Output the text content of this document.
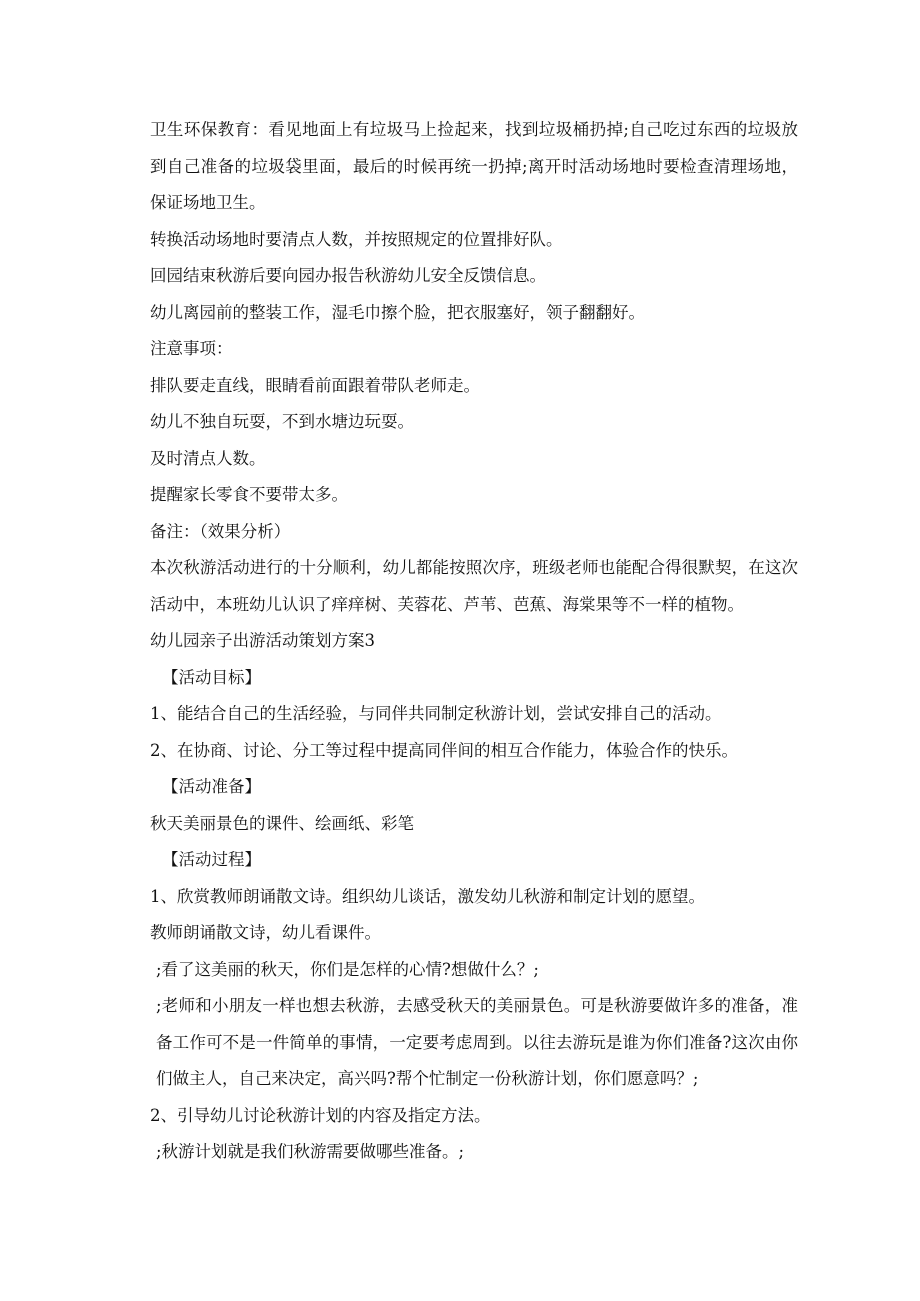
卫生环保教育：看见地面上有垃圾马上捡起来，找到垃圾桶扔掉;自己吃过东西的垃圾放到自己准备的垃圾袋里面，最后的时候再统一扔掉;离开时活动场地时要检查清理场地，保证场地卫生。

转换活动场地时要清点人数，并按照规定的位置排好队。

回园结束秋游后要向园办报告秋游幼儿安全反馈信息。

幼儿离园前的整装工作，湿毛巾擦个脸，把衣服塞好，领子翻翻好。

注意事项：

排队要走直线，眼睛看前面跟着带队老师走。

幼儿不独自玩耍，不到水塘边玩耍。

及时清点人数。

提醒家长零食不要带太多。

备注：（效果分析）

本次秋游活动进行的十分顺利，幼儿都能按照次序，班级老师也能配合得很默契，在这次活动中，本班幼儿认识了痒痒树、芙蓉花、芦苇、芭蕉、海棠果等不一样的植物。

幼儿园亲子出游活动策划方案3

【活动目标】

1、能结合自己的生活经验，与同伴共同制定秋游计划，尝试安排自己的活动。

2、在协商、讨论、分工等过程中提高同伴间的相互合作能力，体验合作的快乐。

【活动准备】

秋天美丽景色的课件、绘画纸、彩笔

【活动过程】

1、欣赏教师朗诵散文诗。组织幼儿谈话，激发幼儿秋游和制定计划的愿望。

教师朗诵散文诗，幼儿看课件。

;看了这美丽的秋天，你们是怎样的心情?想做什么？;

;老师和小朋友一样也想去秋游，去感受秋天的美丽景色。可是秋游要做许多的准备，准备工作可不是一件简单的事情，一定要考虑周到。以往去游玩是谁为你们准备?这次由你们做主人，自己来决定，高兴吗?帮个忙制定一份秋游计划，你们愿意吗？;

2、引导幼儿讨论秋游计划的内容及指定方法。

;秋游计划就是我们秋游需要做哪些准备。;
